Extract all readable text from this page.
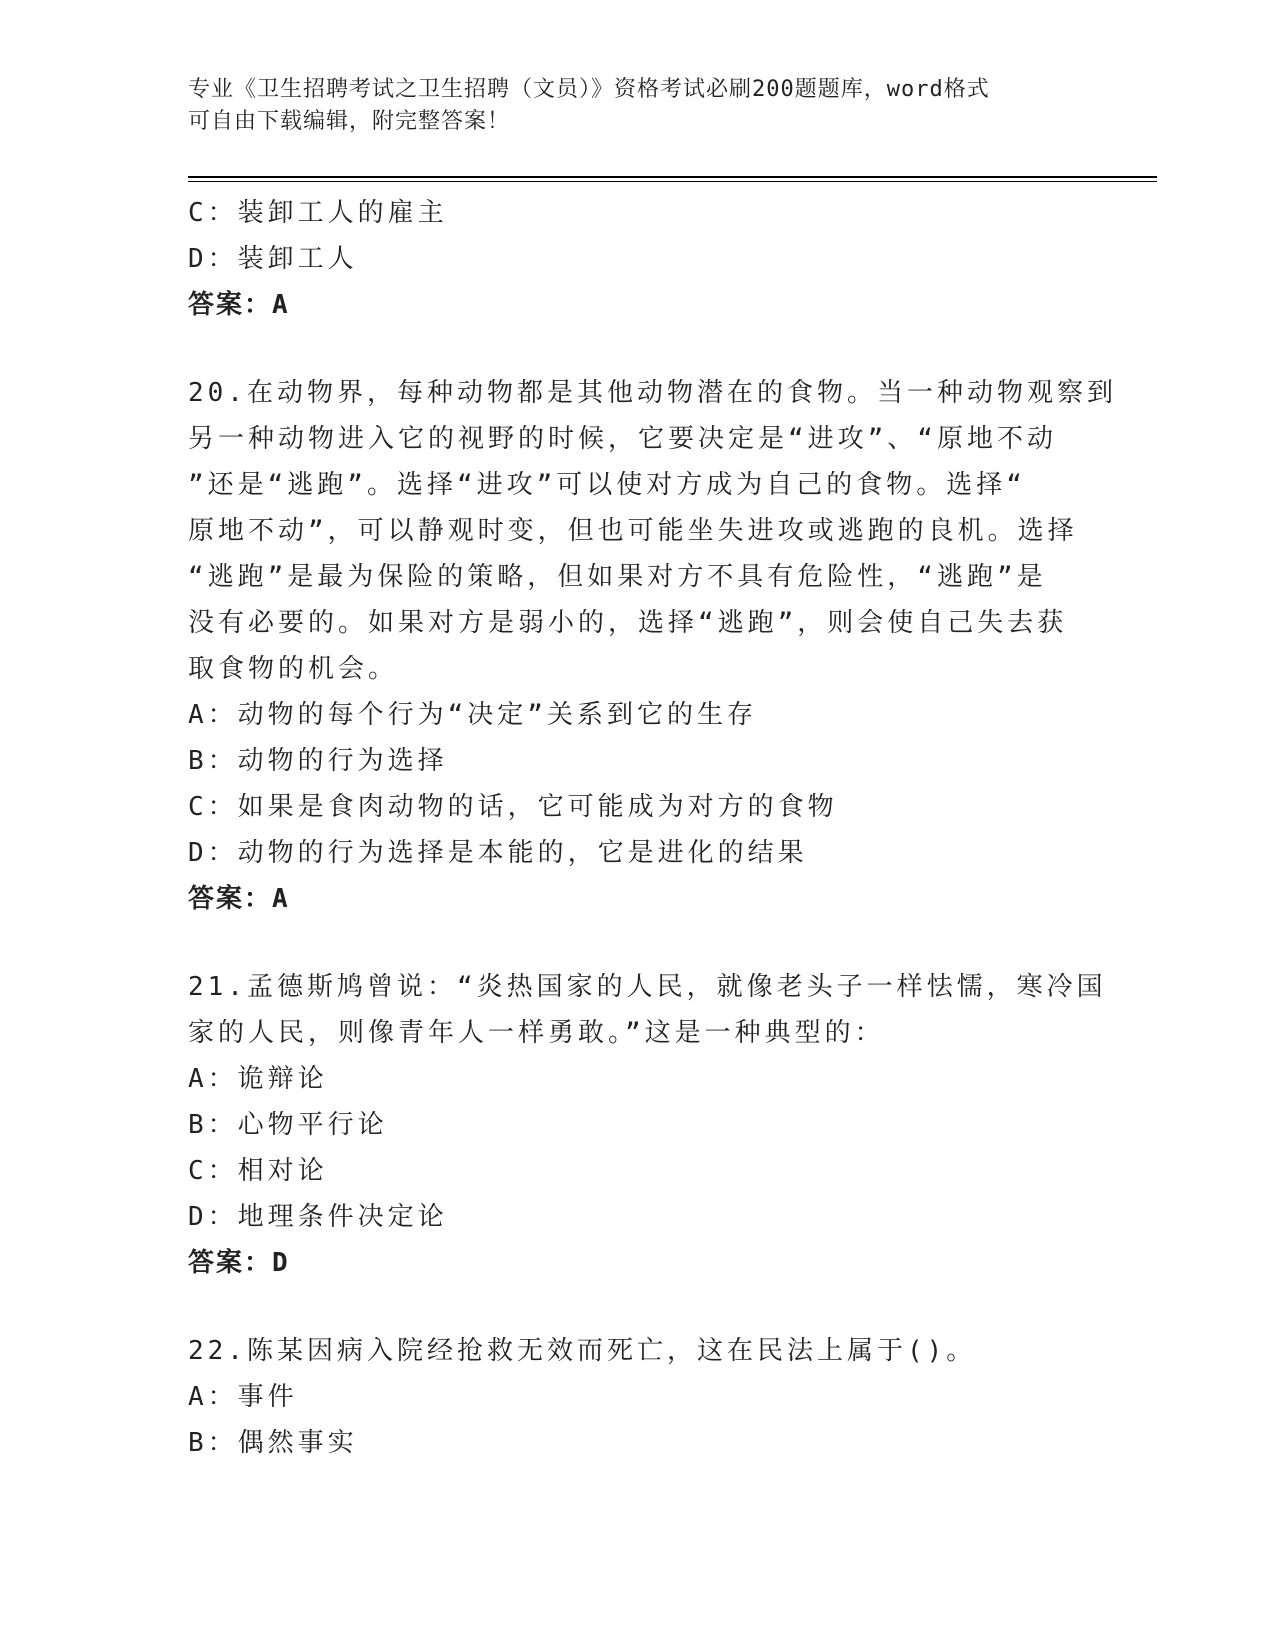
专业《卫生招聘考试之卫生招聘（文员）》资格考试必刷200题题库，word格式
可自由下载编辑，附完整答案！
C：装卸工人的雇主
D：装卸工人
答案：A
20.在动物界，每种动物都是其他动物潜在的食物。当一种动物观察到
另一种动物进入它的视野的时候，它要决定是“进攻”、“原地不动
”还是“逃跑”。选择“进攻”可以使对方成为自己的食物。选择“
原地不动”，可以静观时变，但也可能坐失进攻或逃跑的良机。选择
“逃跑”是最为保险的策略，但如果对方不具有危险性，“逃跑”是
没有必要的。如果对方是弱小的，选择“逃跑”，则会使自己失去获
取食物的机会。
A：动物的每个行为“决定”关系到它的生存
B：动物的行为选择
C：如果是食肉动物的话，它可能成为对方的食物
D：动物的行为选择是本能的，它是进化的结果
答案：A
21.孟德斯鸠曾说：“炎热国家的人民，就像老头子一样怯懦，寒冷国
家的人民，则像青年人一样勇敢。”这是一种典型的：
A：诡辩论
B：心物平行论
C：相对论
D：地理条件决定论
答案：D
22.陈某因病入院经抢救无效而死亡，这在民法上属于()。
A：事件
B：偶然事实
